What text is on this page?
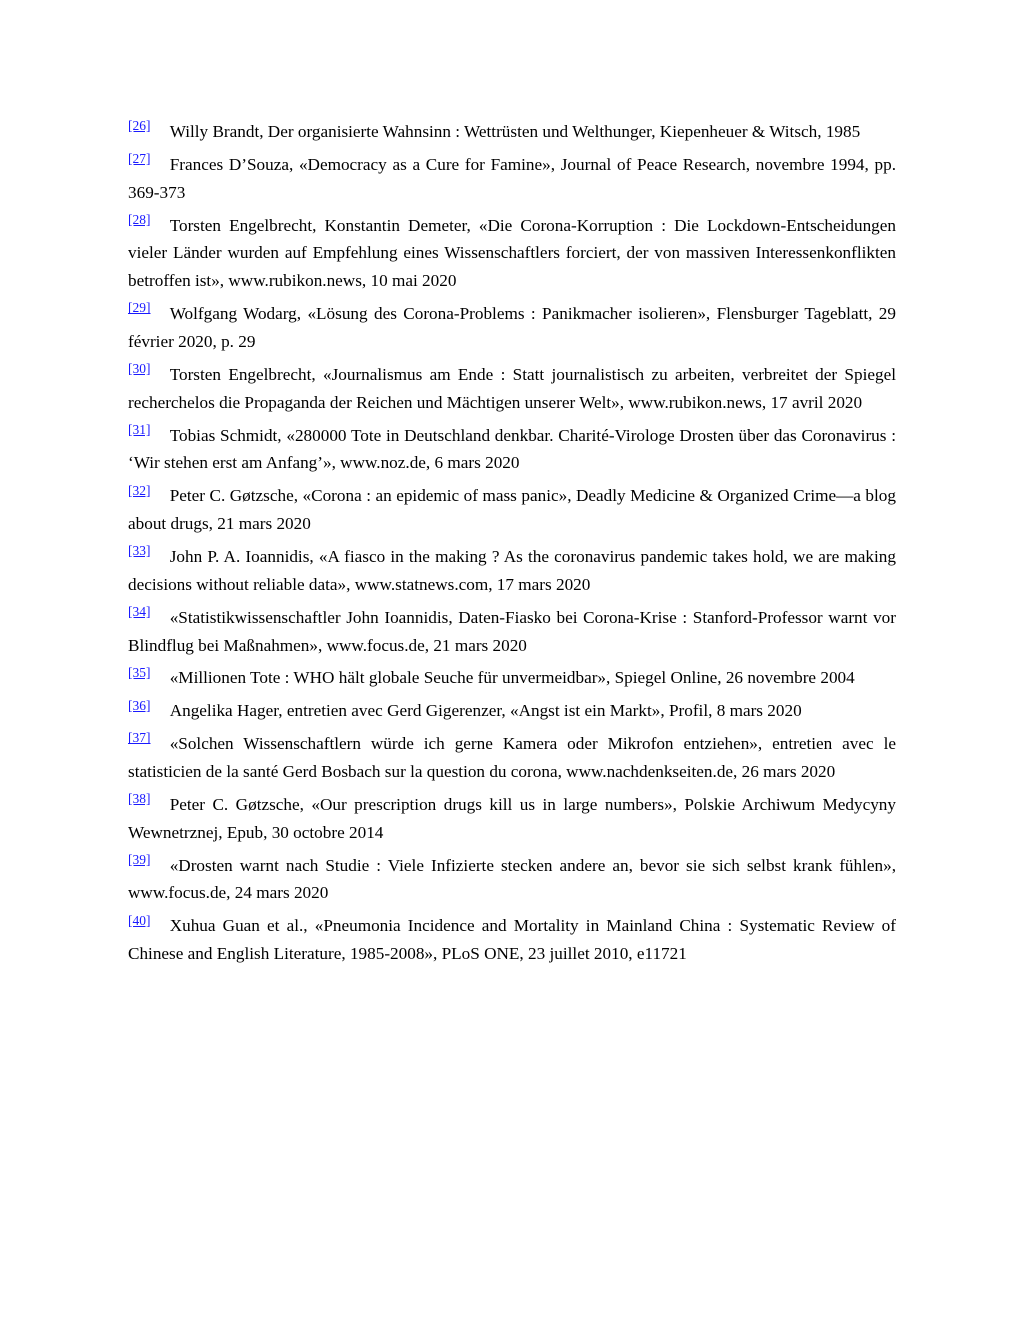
[26]  Willy Brandt, Der organisierte Wahnsinn : Wettrüsten und Welthunger, Kiepenheuer & Witsch, 1985

[27]  Frances D’Souza, «Democracy as a Cure for Famine», Journal of Peace Research, novembre 1994, pp. 369-373

[28]  Torsten Engelbrecht, Konstantin Demeter, «Die Corona-Korruption : Die Lockdown-Entscheidungen vieler Länder wurden auf Empfehlung eines Wissenschaftlers forciert, der von massiven Interessenkonflikten betroffen ist», www.rubikon.news, 10 mai 2020

[29]  Wolfgang Wodarg, «Lösung des Corona-Problems : Panikmacher isolieren», Flensburger Tageblatt, 29 février 2020, p. 29

[30]  Torsten Engelbrecht, «Journalismus am Ende : Statt journalistisch zu arbeiten, verbreitet der Spiegel recherchelos die Propaganda der Reichen und Mächtigen unserer Welt», www.rubikon.news, 17 avril 2020

[31]  Tobias Schmidt, «280000 Tote in Deutschland denkbar. Charité-Virologe Drosten über das Coronavirus : ‘Wir stehen erst am Anfang’», www.noz.de, 6 mars 2020

[32]  Peter C. Gøtzsche, «Corona : an epidemic of mass panic», Deadly Medicine & Organized Crime—a blog about drugs, 21 mars 2020

[33]  John P. A. Ioannidis, «A fiasco in the making ? As the coronavirus pandemic takes hold, we are making decisions without reliable data», www.statnews.com, 17 mars 2020

[34]  «Statistikwissenschaftler John Ioannidis, Daten-Fiasko bei Corona-Krise : Stanford-Professor warnt vor Blindflug bei Maßnahmen», www.focus.de, 21 mars 2020

[35]  «Millionen Tote : WHO hält globale Seuche für unvermeidbar», Spiegel Online, 26 novembre 2004

[36]  Angelika Hager, entretien avec Gerd Gigerenzer, «Angst ist ein Markt», Profil, 8 mars 2020

[37]  «Solchen Wissenschaftlern würde ich gerne Kamera oder Mikrofon entziehen», entretien avec le statisticien de la santé Gerd Bosbach sur la question du corona, www.nachdenkseiten.de, 26 mars 2020

[38]  Peter C. Gøtzsche, «Our prescription drugs kill us in large numbers», Polskie Archiwum Medycyny Wewnetrznej, Epub, 30 octobre 2014

[39]  «Drosten warnt nach Studie : Viele Infizierte stecken andere an, bevor sie sich selbst krank fühlen», www.focus.de, 24 mars 2020

[40]  Xuhua Guan et al., «Pneumonia Incidence and Mortality in Mainland China : Systematic Review of Chinese and English Literature, 1985-2008», PLoS ONE, 23 juillet 2010, e11721
